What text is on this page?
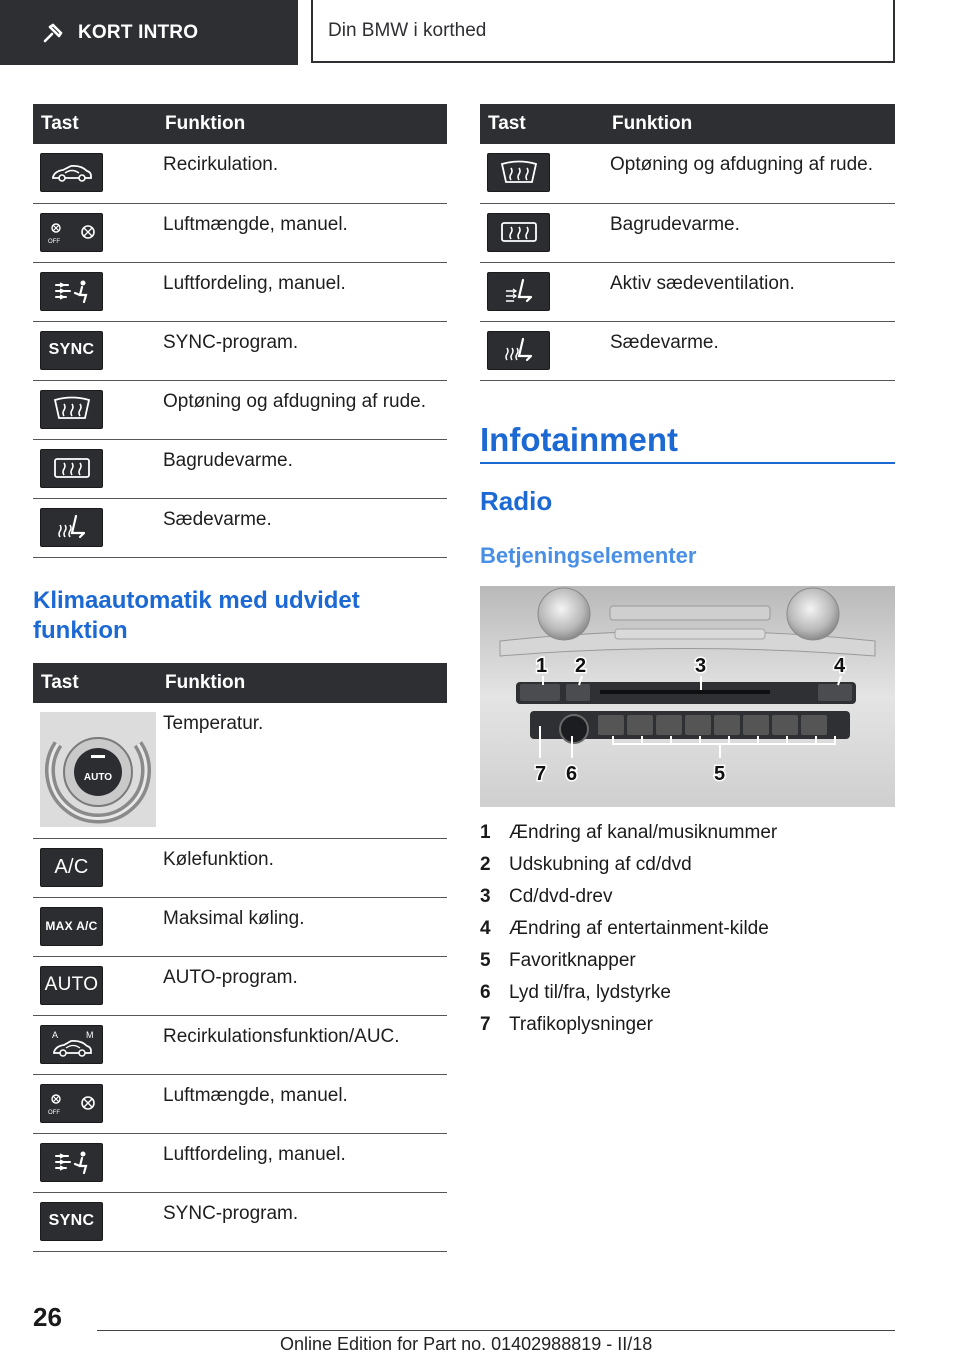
KORT INTRO	Din BMW i korthed
Tast	Funktion

	Recirkulation.

OFF	Luftmængde, manuel.

	Luftfordeling, manuel.

SYNC	SYNC-program.

	Optøning og afdugning af rude.

	Bagrudevarme.

	Sædevarme.
Klimaautomatik med udvidet funktion
Tast	Funktion

AUTO	Temperatur.

A/C	Kølefunktion.

MAX A/C	Maksimal køling.

AUTO	AUTO-program.

A M	Recirkulationsfunktion/AUC.

OFF	Luftmængde, manuel.

	Luftfordeling, manuel.

SYNC	SYNC-program.
Tast	Funktion

	Optøning og afdugning af rude.

	Bagrudevarme.

	Aktiv sædeventilation.

	Sædevarme.
Infotainment
Radio
Betjeningselementer
1 2	3	4
5
6
7
1 Ændring af kanal/musiknummer
2 Udskubning af cd/dvd
3 Cd/dvd-drev
4 Ændring af entertainment-kilde
5 Favoritknapper
6 Lyd til/fra, lydstyrke
7 Trafikoplysninger
26
Online Edition for Part no. 01402988819 - II/18
